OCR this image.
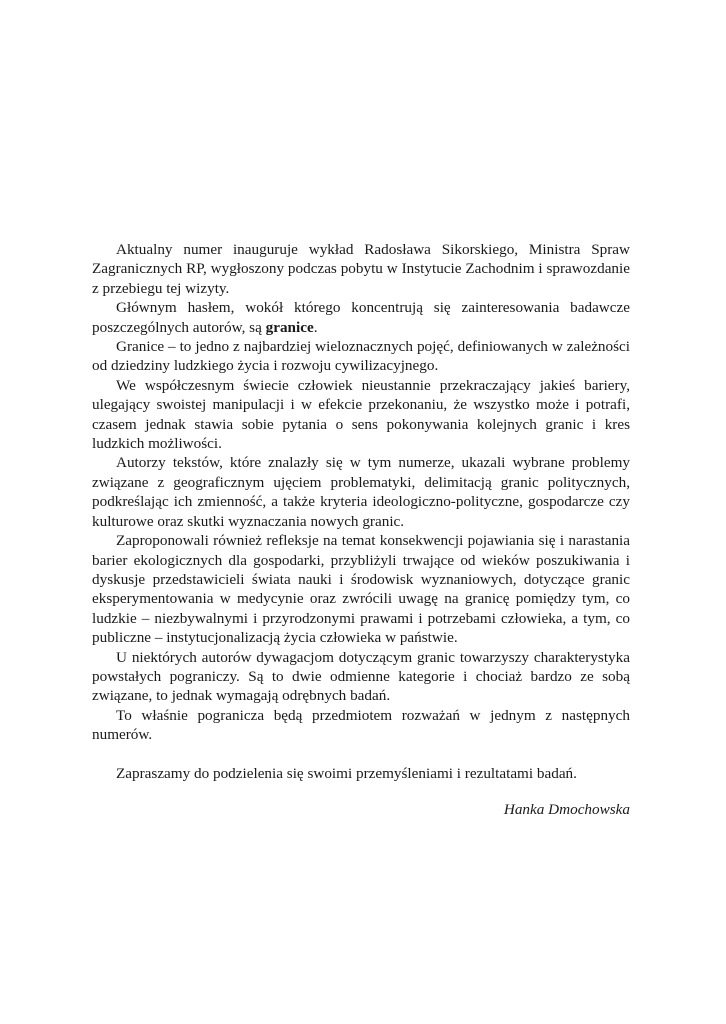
Aktualny numer inauguruje wykład Radosława Sikorskiego, Ministra Spraw Zagranicznych RP, wygłoszony podczas pobytu w Instytucie Zachodnim i sprawozdanie z przebiegu tej wizyty.

Głównym hasłem, wokół którego koncentrują się zainteresowania badawcze poszczególnych autorów, są granice.

Granice – to jedno z najbardziej wieloznacznych pojęć, definiowanych w zależności od dziedziny ludzkiego życia i rozwoju cywilizacyjnego.

We współczesnym świecie człowiek nieustannie przekraczający jakieś bariery, ulegający swoistej manipulacji i w efekcie przekonaniu, że wszystko może i potrafi, czasem jednak stawia sobie pytania o sens pokonywania kolejnych granic i kres ludzkich możliwości.

Autorzy tekstów, które znalazły się w tym numerze, ukazali wybrane problemy związane z geograficznym ujęciem problematyki, delimitacją granic politycznych, podkreślając ich zmienność, a także kryteria ideologiczno-polityczne, gospodarcze czy kulturowe oraz skutki wyznaczania nowych granic.

Zaproponowali również refleksje na temat konsekwencji pojawiania się i narastania barier ekologicznych dla gospodarki, przybliżyli trwające od wieków poszukiwania i dyskusje przedstawicieli świata nauki i środowisk wyznaniowych, dotyczące granic eksperymentowania w medycynie oraz zwrócili uwagę na granicę pomiędzy tym, co ludzkie – niezbywalnymi i przyrodzonymi prawami i potrzebami człowieka, a tym, co publiczne – instytucjonalizacją życia człowieka w państwie.

U niektórych autorów dywagacjom dotyczącym granic towarzyszy charakterystyka powstałych pograniczy. Są to dwie odmienne kategorie i chociaż bardzo ze sobą związane, to jednak wymagają odrębnych badań.

To właśnie pogranicza będą przedmiotem rozważań w jednym z następnych numerów.

Zapraszamy do podzielenia się swoimi przemyśleniami i rezultatami badań.

Hanka Dmochowska
